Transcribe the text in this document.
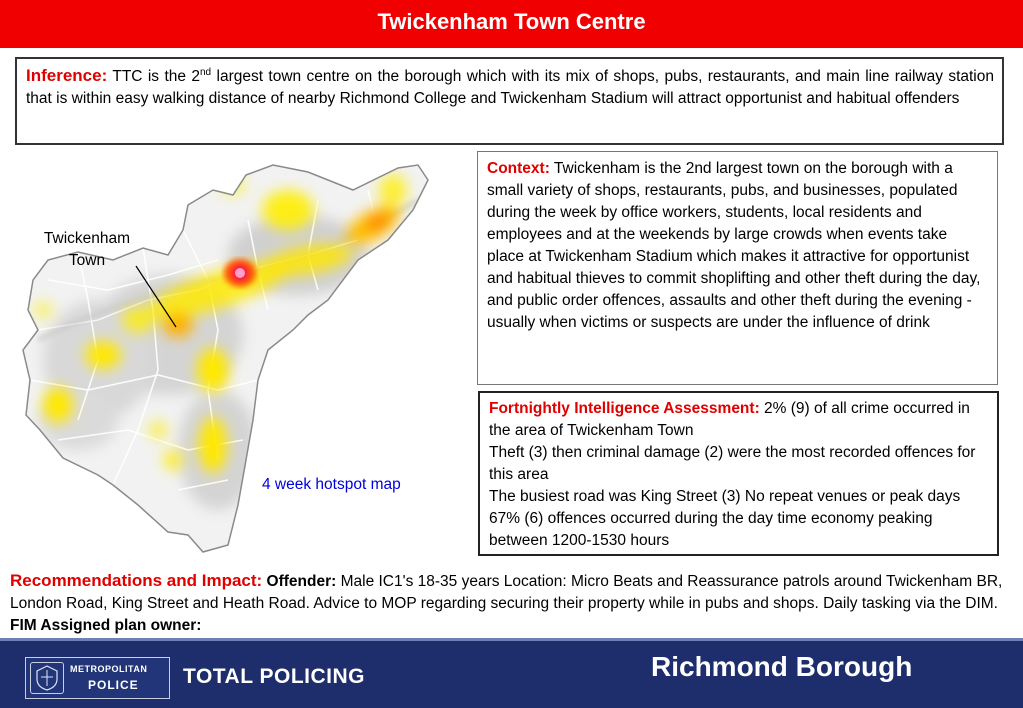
Twickenham Town Centre
Inference: TTC is the 2nd largest town centre on the borough which with its mix of shops, pubs, restaurants, and main line railway station that is within easy walking distance of nearby Richmond College and Twickenham Stadium will attract opportunist and habitual offenders
Twickenham
Town
4 week hotspot map
Context: Twickenham is the 2nd largest town on the borough with a small variety of shops, restaurants, pubs, and businesses, populated during the week by office workers, students, local residents and employees and at the weekends by large crowds when events take place at Twickenham Stadium which makes it attractive for opportunist and habitual thieves to commit shoplifting and other theft during the day, and public order offences, assaults and other theft during the evening - usually when victims or suspects are under the influence of drink
Fortnightly Intelligence Assessment: 2% (9) of all crime occurred in the area of Twickenham Town
Theft (3) then criminal damage (2) were the most recorded offences for this area
The busiest road was King Street (3) No repeat venues or peak days 67% (6) offences occurred during the day time economy peaking between 1200-1530 hours
Recommendations and Impact: Offender: Male IC1's 18-35 years Location: Micro Beats and Reassurance patrols around Twickenham BR, London Road, King Street and Heath Road. Advice to MOP regarding securing their property while in pubs and shops. Daily tasking via the DIM. FIM Assigned plan owner:
METROPOLITAN
POLICE TOTAL POLICING	Richmond Borough
